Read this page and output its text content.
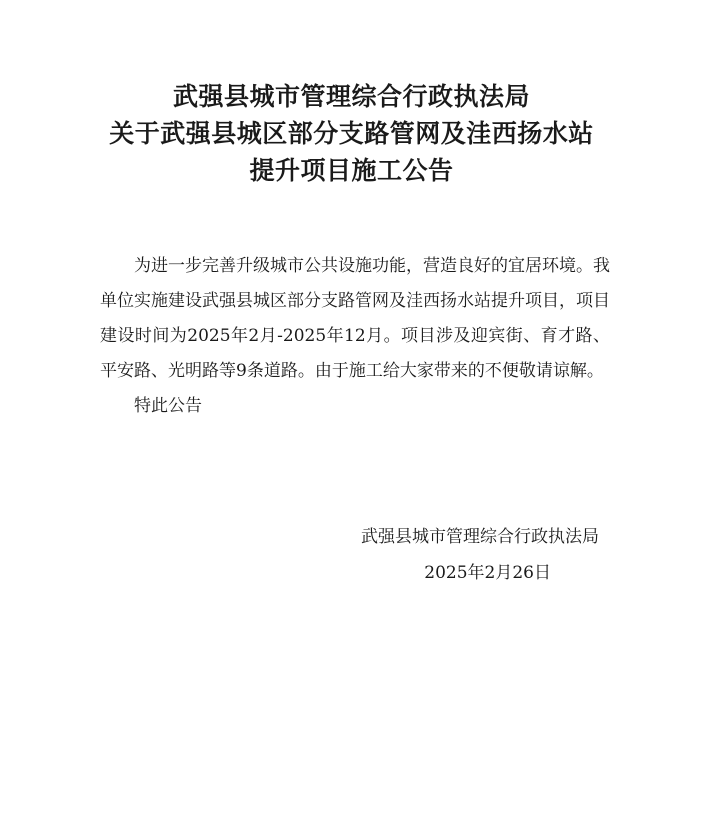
武强县城市管理综合行政执法局
关于武强县城区部分支路管网及洼西扬水站
提升项目施工公告

为进一步完善升级城市公共设施功能，营造良好的宜居环境。我单位实施建设武强县城区部分支路管网及洼西扬水站提升项目，项目建设时间为2025年2月-2025年12月。项目涉及迎宾街、育才路、平安路、光明路等9条道路。由于施工给大家带来的不便敬请谅解。

特此公告

武强县城市管理综合行政执法局
2025年2月26日
